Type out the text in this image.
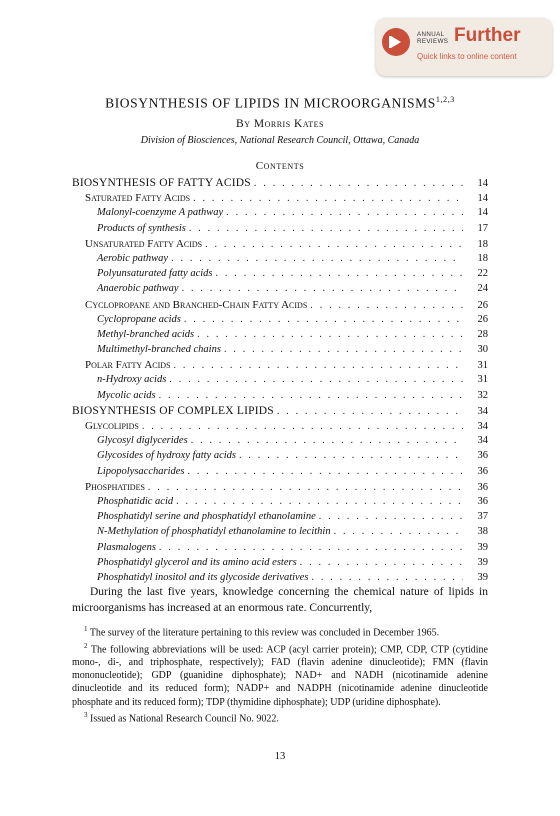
ANNUAL
REVIEWS Further
Quick links to online content
BIOSYNTHESIS OF LIPIDS IN MICROORGANISMS$^{1,2,3}$
By Morris Kates
Division of Biosciences, National Research Council, Ottawa, Canada
Contents
BIOSYNTHESIS OF FATTY ACIDS . . .	14
Saturated Fatty Acids . . .	14
Malonyl-coenzyme A pathway . . .	14
Products of synthesis . . .	17
Unsaturated Fatty Acids . . .	18
Aerobic pathway . . .	18
Polyunsaturated fatty acids . . .	22
Anaerobic pathway . . .	24
Cyclopropane and Branched-Chain Fatty Acids . . .	26
Cyclopropane acids . . .	26
Methyl-branched acids . . .	28
Multimethyl-branched chains . . .	30
Polar Fatty Acids . . .	31
n-Hydroxy acids . . .	31
Mycolic acids . . .	32
BIOSYNTHESIS OF COMPLEX LIPIDS . . .	34
Glycolipids . . .	34
Glycosyl diglycerides . . .	34
Glycosides of hydroxy fatty acids . . .	36
Lipopolysaccharides . . .	36
Phosphatides . . .	36
Phosphatidic acid . . .	36
Phosphatidyl serine and phosphatidyl ethanolamine . . .	37
N-Methylation of phosphatidyl ethanolamine to lecithin . . .	38
Plasmalogens . . .	39
Phosphatidyl glycerol and its amino acid esters . . .	39
Phosphatidyl inositol and its glycoside derivatives . . .	39
During the last five years, knowledge concerning the chemical nature of lipids in microorganisms has increased at an enormous rate. Concurrently,

$^1$ The survey of the literature pertaining to this review was concluded in December 1965.

$^2$ The following abbreviations will be used: ACP (acyl carrier protein); CMP, CDP, CTP (cytidine mono-, di-, and triphosphate, respectively); FAD (flavin adenine dinucleotide); FMN (flavin mononucleotide); GDP (guanidine diphosphate); NAD+ and NADH (nicotinamide adenine dinucleotide and its reduced form); NADP+ and NADPH (nicotinamide adenine dinucleotide phosphate and its reduced form); TDP (thymidine diphosphate); UDP (uridine diphosphate).

$^3$ Issued as National Research Council No. 9022.

13
